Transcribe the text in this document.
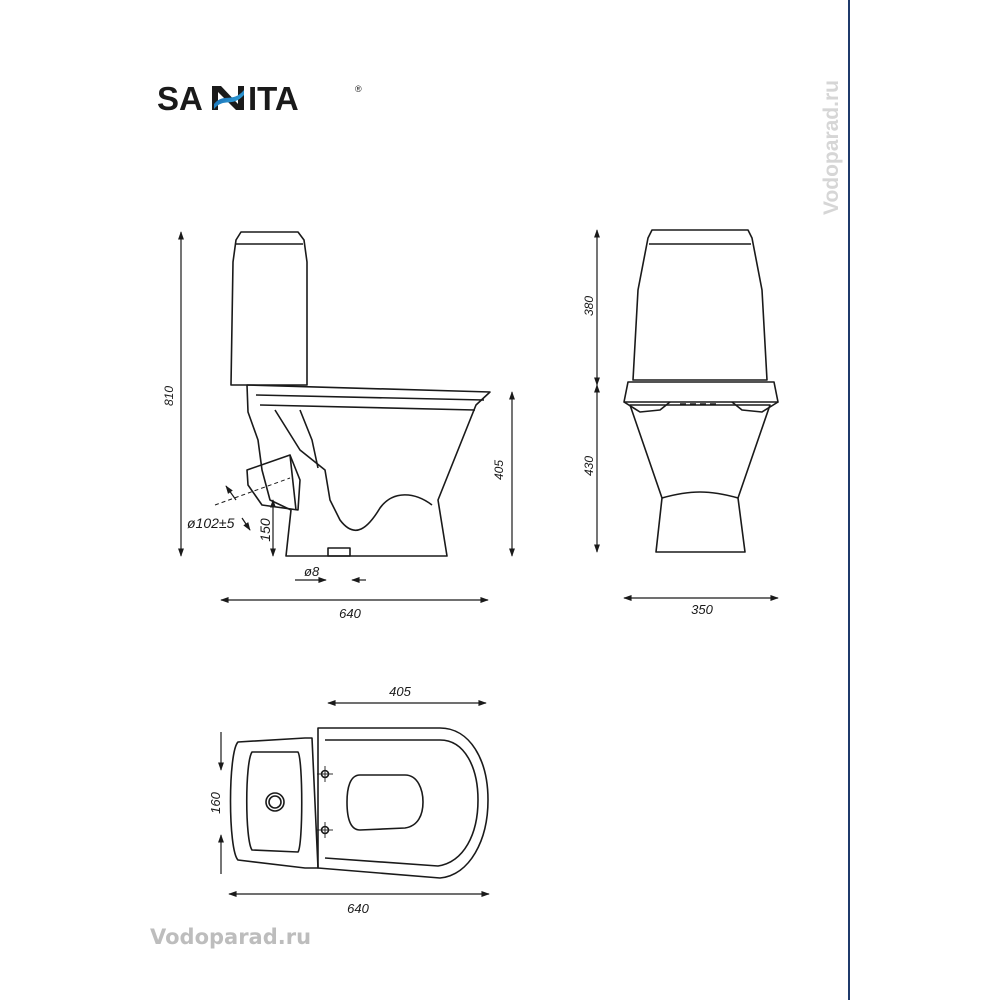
Vodoparad.ru
Vodoparad.ru
SA ITA	®
810
405
150
ø102±5
ø8
640
380
430
350
405
160
640
